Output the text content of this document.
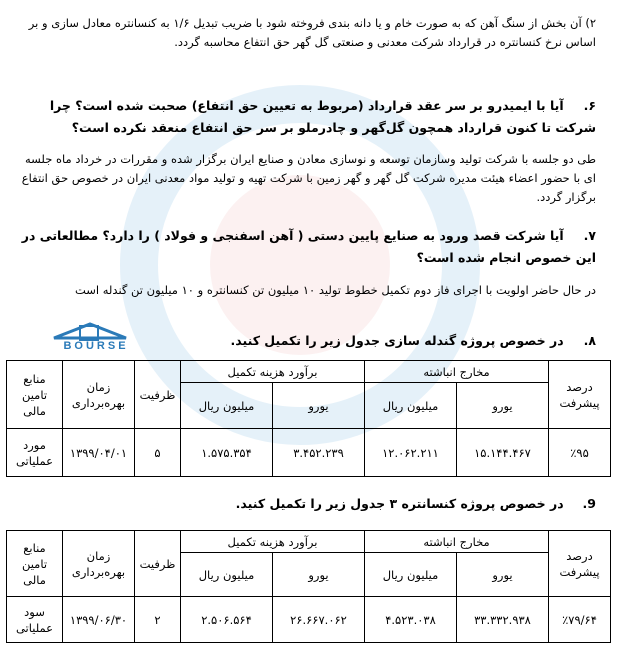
۲) آن بخش از سنگ آهن که به صورت خام و یا دانه بندی فروخته شود با ضریب تبدیل ۱/۶ به کنسانتره معادل سازی و بر اساس نرخ کنسانتره در قرارداد شرکت معدنی و صنعتی گل گهر حق انتفاع محاسبه گردد.

۶. آیا با ایمیدرو بر سر عقد قرارداد (مربوط به تعیین حق انتفاع) صحبت شده است؟ چرا شرکت تا کنون قرارداد همچون گل‌گهر و چادرملو بر سر حق انتفاع منعقد نکرده است؟

طی دو جلسه با شرکت تولید وسازمان توسعه و نوسازی معادن و صنایع ایران برگزار شده و مقررات در خرداد ماه جلسه ای با حضور اعضاء هیئت مدیره شرکت گل گهر و گهر زمین با شرکت تهیه و تولید مواد معدنی ایران در خصوص حق انتفاع برگزار گردد.

۷. آیا شرکت قصد ورود به صنایع پایین دستی ( آهن اسفنجی و فولاد ) را دارد؟ مطالعاتی در این خصوص انجام شده است؟

در حال حاضر اولویت با اجرای فاز دوم تکمیل خطوط تولید ۱۰ میلیون تن کنسانتره و ۱۰ میلیون تن گندله است

۸. در خصوص پروژه گندله سازی جدول زیر را تکمیل کنید.

BOURSE
درصد پیشرفت	مخارج انباشته		برآورد هزینه تکمیل		ظرفیت	زمان بهره‌برداری	منابع تامین مالی
	یورو	میلیون ریال	یورو	میلیون ریال			
٪۹۵	۱۵.۱۴۴.۴۶۷	۱۲.۰۶۲.۲۱۱	۳.۴۵۲.۲۳۹	۱.۵۷۵.۳۵۴	۵	۱۳۹۹/۰۴/۰۱	مورد عملیاتی

9. در خصوص پروژه کنسانتره ۳ جدول زیر را تکمیل کنید.

درصد پیشرفت	مخارج انباشته		برآورد هزینه تکمیل		ظرفیت	زمان بهره‌برداری	منابع تامین مالی
	یورو	میلیون ریال	یورو	میلیون ریال			
٪۷۹/۶۴	۳۳.۳۳۲.۹۳۸	۴.۵۲۳.۰۳۸	۲۶.۶۶۷.۰۶۲	۲.۵۰۶.۵۶۴	۲	۱۳۹۹/۰۶/۳۰	سود عملیاتی
